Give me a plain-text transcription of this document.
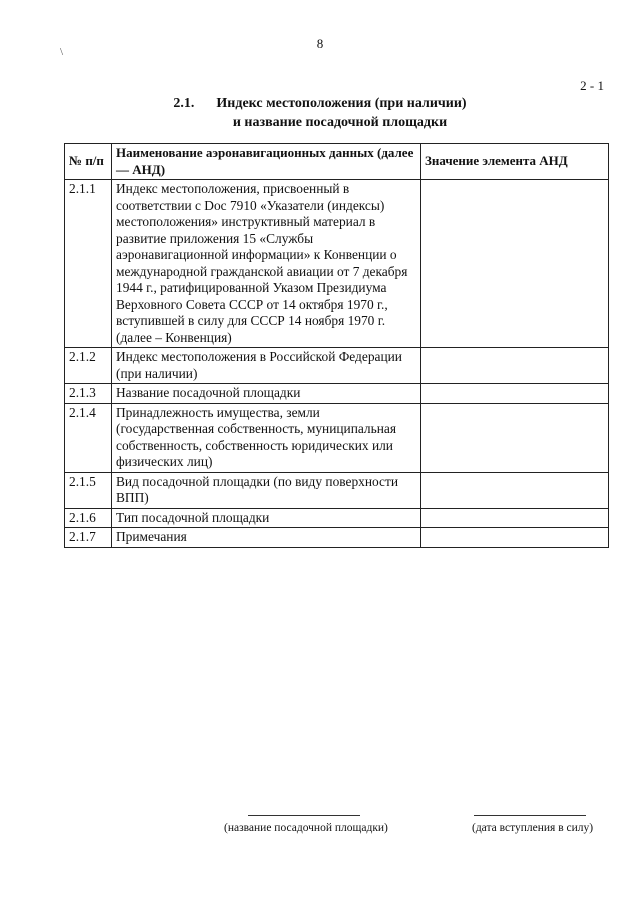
\
8
2 - 1
2.1. Индекс местоположения (при наличии)
и название посадочной площадки
№ п/п	Наименование аэронавигационных данных (далее — АНД)	Значение элемента АНД
2.1.1	Индекс местоположения, присвоенный в соответствии с Doc 7910 «Указатели (индексы) местоположения» инструктивный материал в развитие приложения 15 «Службы аэронавигационной информации» к Конвенции о международной гражданской авиации от 7 декабря 1944 г., ратифицированной Указом Президиума Верховного Совета СССР от 14 октября 1970 г., вступившей в силу для СССР 14 ноября 1970 г. (далее – Конвенция)	
2.1.2	Индекс местоположения в Российской Федерации (при наличии)	
2.1.3	Название посадочной площадки	
2.1.4	Принадлежность имущества, земли (государственная собственность, муниципальная собственность, собственность юридических или физических лиц)	
2.1.5	Вид посадочной площадки (по виду поверхности ВПП)	
2.1.6	Тип посадочной площадки	
2.1.7	Примечания	
(название посадочной площадки)	(дата вступления в силу)
